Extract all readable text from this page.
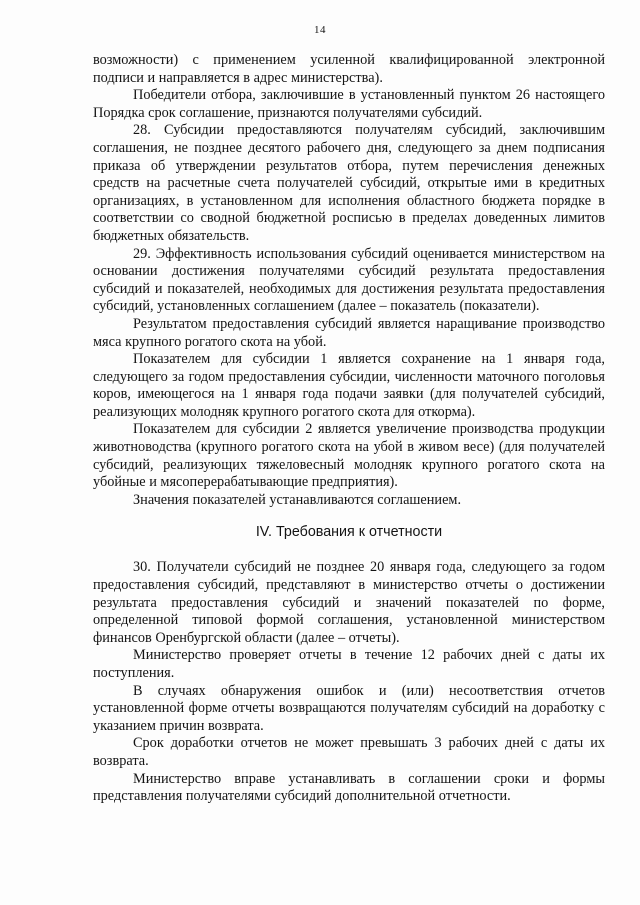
14

возможности) с применением усиленной квалифицированной электронной подписи и направляется в адрес министерства).

Победители отбора, заключившие в установленный пунктом 26 настоящего Порядка срок соглашение, признаются получателями субсидий.

28. Субсидии предоставляются получателям субсидий, заключившим соглашения, не позднее десятого рабочего дня, следующего за днем подписания приказа об утверждении результатов отбора, путем перечисления денежных средств на расчетные счета получателей субсидий, открытые ими в кредитных организациях, в установленном для исполнения областного бюджета порядке в соответствии со сводной бюджетной росписью в пределах доведенных лимитов бюджетных обязательств.

29. Эффективность использования субсидий оценивается министерством на основании достижения получателями субсидий результата предоставления субсидий и показателей, необходимых для достижения результата предоставления субсидий, установленных соглашением (далее – показатель (показатели).

Результатом предоставления субсидий является наращивание производство мяса крупного рогатого скота на убой.

Показателем для субсидии 1 является сохранение на 1 января года, следующего за годом предоставления субсидии, численности маточного поголовья коров, имеющегося на 1 января года подачи заявки (для получателей субсидий, реализующих молодняк крупного рогатого скота для откорма).

Показателем для субсидии 2 является увеличение производства продукции животноводства (крупного рогатого скота на убой в живом весе) (для получателей субсидий, реализующих тяжеловесный молодняк крупного рогатого скота на убойные и мясоперерабатывающие предприятия).

Значения показателей устанавливаются соглашением.

IV. Требования к отчетности

30. Получатели субсидий не позднее 20 января года, следующего за годом предоставления субсидий, представляют в министерство отчеты о достижении результата предоставления субсидий и значений показателей по форме, определенной типовой формой соглашения, установленной министерством финансов Оренбургской области (далее – отчеты).

Министерство проверяет отчеты в течение 12 рабочих дней с даты их поступления.

В случаях обнаружения ошибок и (или) несоответствия отчетов установленной форме отчеты возвращаются получателям субсидий на доработку с указанием причин возврата.

Срок доработки отчетов не может превышать 3 рабочих дней с даты их возврата.

Министерство вправе устанавливать в соглашении сроки и формы представления получателями субсидий дополнительной отчетности.
